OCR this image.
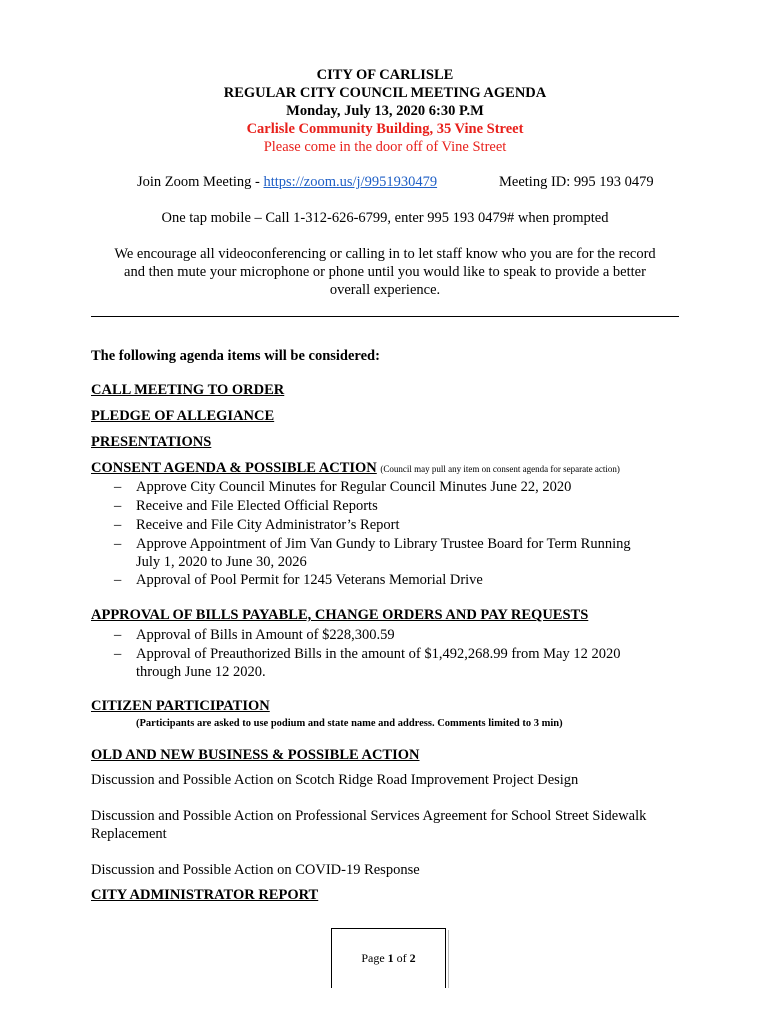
CITY OF CARLISLE
REGULAR CITY COUNCIL MEETING AGENDA
Monday, July 13, 2020 6:30 P.M
Carlisle Community Building, 35 Vine Street
Please come in the door off of Vine Street
Join Zoom Meeting - https://zoom.us/j/9951930479	Meeting ID: 995 193 0479
One tap mobile – Call 1-312-626-6799, enter 995 193 0479# when prompted
We encourage all videoconferencing or calling in to let staff know who you are for the record
and then mute your microphone or phone until you would like to speak to provide a better
overall experience.
The following agenda items will be considered:
CALL MEETING TO ORDER
PLEDGE OF ALLEGIANCE
PRESENTATIONS
CONSENT AGENDA & POSSIBLE ACTION (Council may pull any item on consent agenda for separate action)
– Approve City Council Minutes for Regular Council Minutes June 22, 2020
– Receive and File Elected Official Reports
– Receive and File City Administrator’s Report
– Approve Appointment of Jim Van Gundy to Library Trustee Board for Term Running
July 1, 2020 to June 30, 2026
– Approval of Pool Permit for 1245 Veterans Memorial Drive
APPROVAL OF BILLS PAYABLE, CHANGE ORDERS AND PAY REQUESTS
– Approval of Bills in Amount of $228,300.59
– Approval of Preauthorized Bills in the amount of $1,492,268.99 from May 12 2020
through June 12 2020.
CITIZEN PARTICIPATION
(Participants are asked to use podium and state name and address. Comments limited to 3 min)
OLD AND NEW BUSINESS & POSSIBLE ACTION
Discussion and Possible Action on Scotch Ridge Road Improvement Project Design
Discussion and Possible Action on Professional Services Agreement for School Street Sidewalk
Replacement
Discussion and Possible Action on COVID-19 Response
CITY ADMINISTRATOR REPORT
Page 1 of 2
